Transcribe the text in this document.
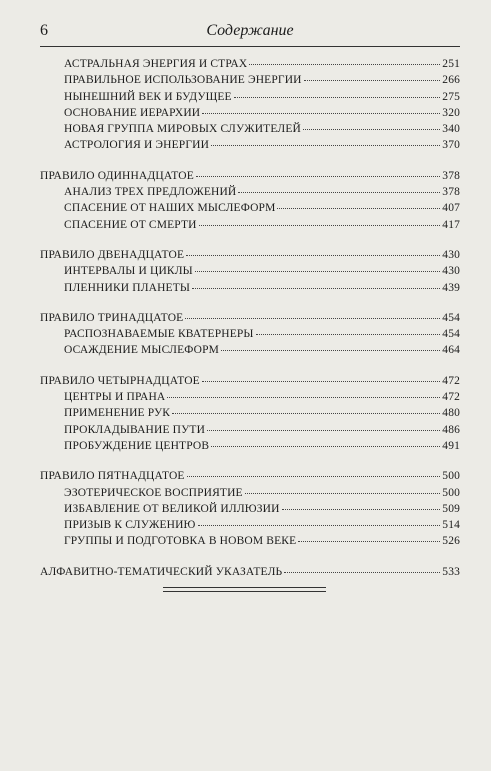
6	Содержание
АСТРАЛЬНАЯ ЭНЕРГИЯ И СТРАХ	251
ПРАВИЛЬНОЕ ИСПОЛЬЗОВАНИЕ ЭНЕРГИИ	266
НЫНЕШНИЙ ВЕК И БУДУЩЕЕ	275
ОСНОВАНИЕ ИЕРАРХИИ	320
НОВАЯ ГРУППА МИРОВЫХ СЛУЖИТЕЛЕЙ	340
АСТРОЛОГИЯ И ЭНЕРГИИ	370
ПРАВИЛО ОДИННАДЦАТОЕ	378
АНАЛИЗ ТРЕХ ПРЕДЛОЖЕНИЙ	378
СПАСЕНИЕ ОТ НАШИХ МЫСЛЕФОРМ	407
СПАСЕНИЕ ОТ СМЕРТИ	417
ПРАВИЛО ДВЕНАДЦАТОЕ	430
ИНТЕРВАЛЫ И ЦИКЛЫ	430
ПЛЕННИКИ ПЛАНЕТЫ	439
ПРАВИЛО ТРИНАДЦАТОЕ	454
РАСПОЗНАВАЕМЫЕ КВАТЕРНЕРЫ	454
ОСАЖДЕНИЕ МЫСЛЕФОРМ	464
ПРАВИЛО ЧЕТЫРНАДЦАТОЕ	472
ЦЕНТРЫ И ПРАНА	472
ПРИМЕНЕНИЕ РУК	480
ПРОКЛАДЫВАНИЕ ПУТИ	486
ПРОБУЖДЕНИЕ ЦЕНТРОВ	491
ПРАВИЛО ПЯТНАДЦАТОЕ	500
ЭЗОТЕРИЧЕСКОЕ ВОСПРИЯТИЕ	500
ИЗБАВЛЕНИЕ ОТ ВЕЛИКОЙ ИЛЛЮЗИИ	509
ПРИЗЫВ К СЛУЖЕНИЮ	514
ГРУППЫ И ПОДГОТОВКА В НОВОМ ВЕКЕ	526
АЛФАВИТНО-ТЕМАТИЧЕСКИЙ УКАЗАТЕЛЬ	533
